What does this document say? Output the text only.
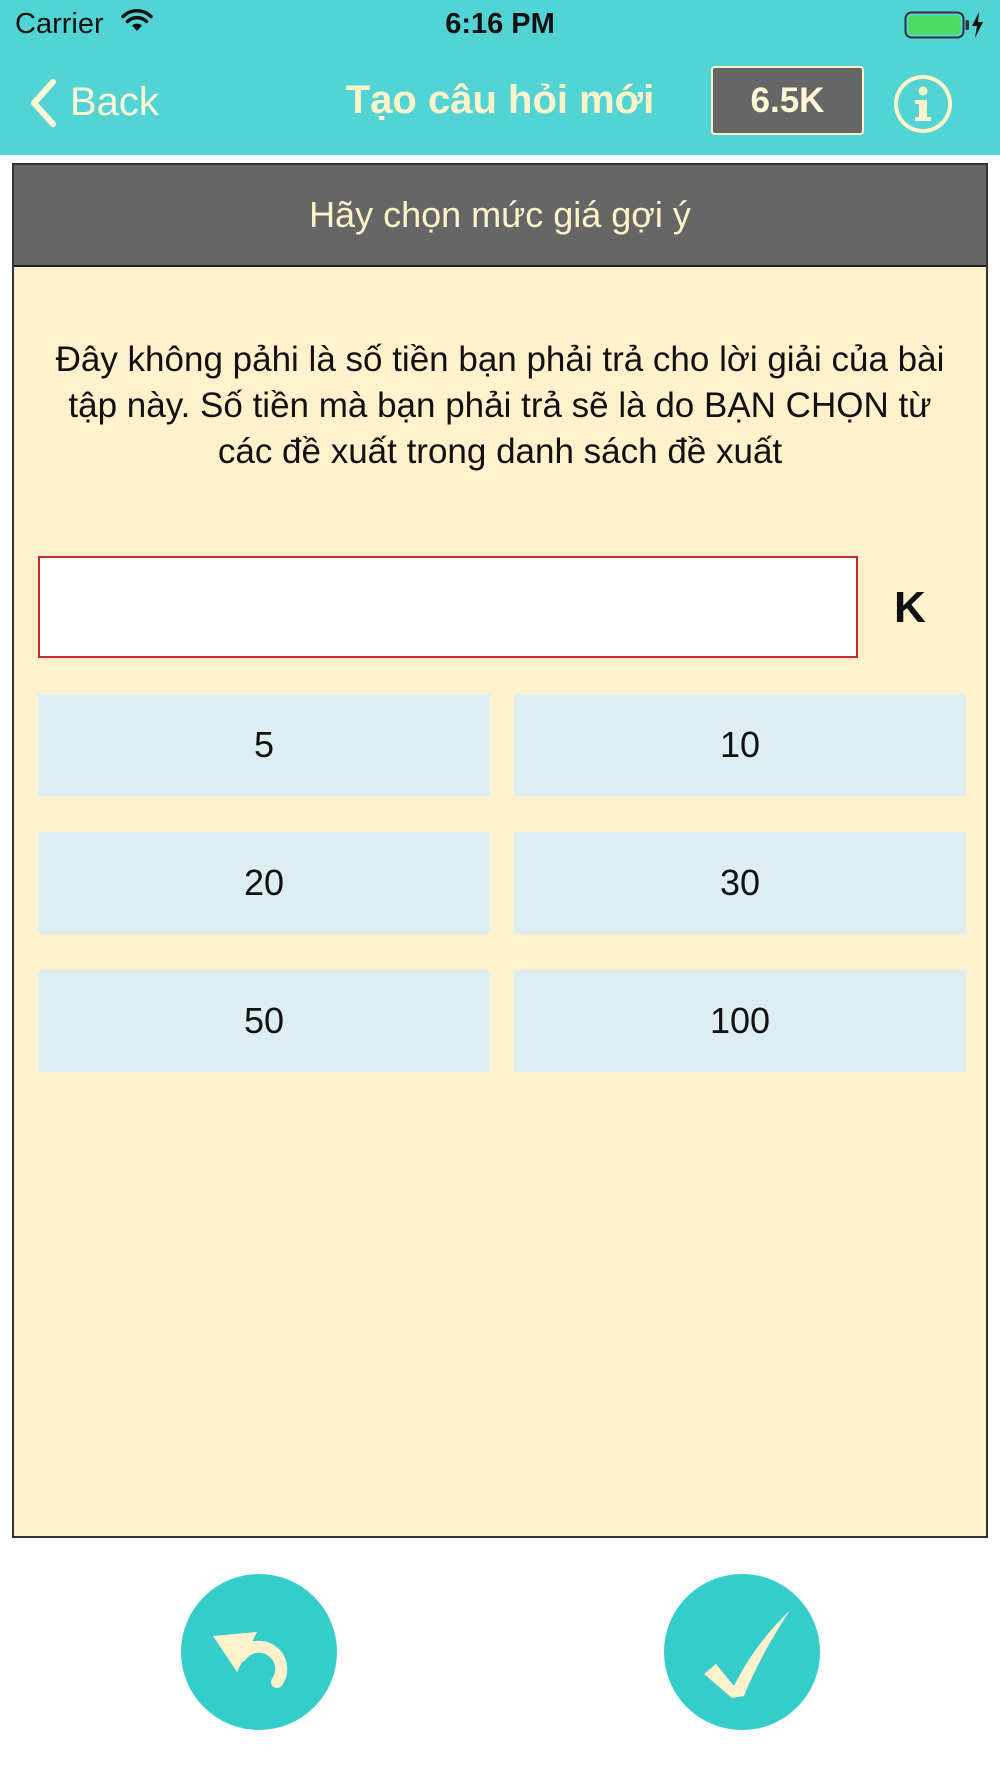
Carrier	6:16 PM
Back	Tạo câu hỏi mới	6.5K
Hãy chọn mức giá gợi ý
Đây không pảhi là số tiền bạn phải trả cho lời giải của bài tập này. Số tiền mà bạn phải trả sẽ là do BẠN CHỌN từ các đề xuất trong danh sách đề xuất
K
5	10
20	30
50	100
